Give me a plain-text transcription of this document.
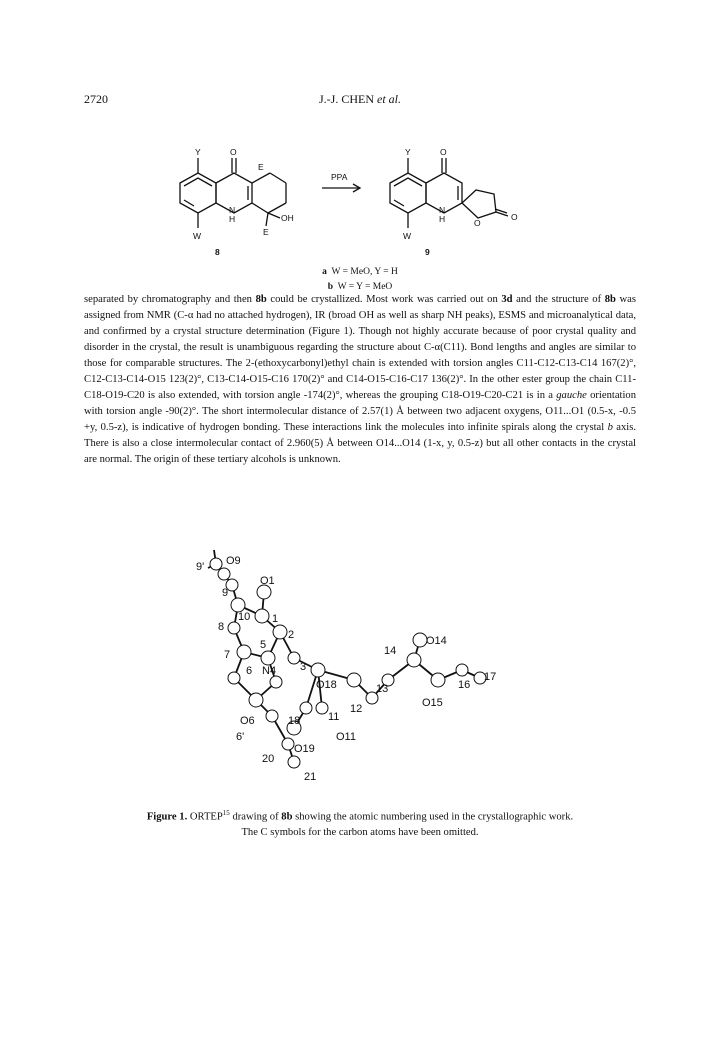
2720	J.-J. CHEN et al.
Y	O
W
N
H
E
OH
E
8
PPA
Y	O
W
N
H	O
O
9
a W = MeO, Y = H
b W = Y = MeO

separated by chromatography and then 8b could be crystallized. Most work was carried out on 3d and the structure of 8b was assigned from NMR (C-α had no attached hydrogen), IR (broad OH as well as sharp NH peaks), ESMS and microanalytical data, and confirmed by a crystal structure determination (Figure 1). Though not highly accurate because of poor crystal quality and disorder in the crystal, the result is unambiguous regarding the structure about C-α(C11). Bond lengths and angles are similar to those for comparable structures. The 2-(ethoxycarbonyl)ethyl chain is extended with torsion angles C11-C12-C13-C14 167(2)°, C12-C13-C14-O15 123(2)°, C13-C14-O15-C16 170(2)° and C14-O15-C16-C17 136(2)°. In the other ester group the chain C11-C18-O19-C20 is also extended, with torsion angle -174(2)°, whereas the grouping C18-O19-C20-C21 is in a gauche orientation with torsion angle -90(2)°. The short intermolecular distance of 2.57(1) Å between two adjacent oxygens, O11...O1 (0.5-x, -0.5 +y, 0.5-z), is indicative of hydrogen bonding. These interactions link the molecules into infinite spirals along the crystal b axis. There is also a close intermolecular contact of 2.960(5) Å between O14...O14 (1-x, y, 0.5-z) but all other contacts in the crystal are normal. The origin of these tertiary alcohols is unknown.

9' O9
O1
9
10 1
8
5
2
7	14
O14
3
6 N4
O18	13	16
17
O15
12
O6	18	11
O11
6'
O19
20
21
Figure 1. ORTEP$^{15}$ drawing of 8b showing the atomic numbering used in the crystallographic work.
The C symbols for the carbon atoms have been omitted.
